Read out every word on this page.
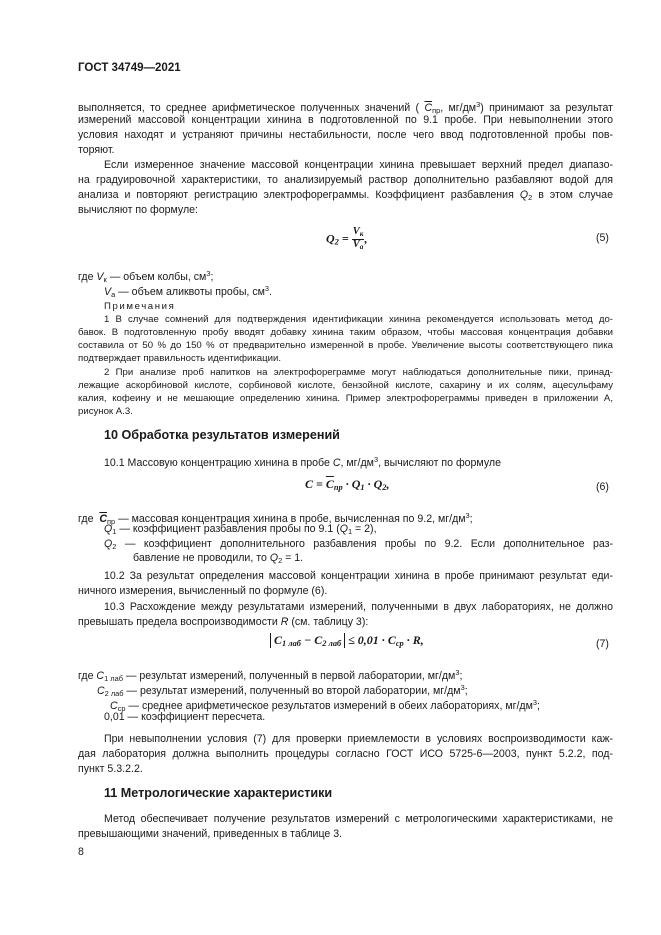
ГОСТ 34749—2021
выполняется, то среднее арифметическое полученных значений ( $\overline{C}_{пр}$, $мг/дм^3$) принимают за результат
измерений массовой концентрации хинина в подготовленной по 9.1 пробе. При невыполнении этого
условия находят и устраняют причины нестабильности, после чего ввод подготовленной пробы пов-
торяют.
Если измеренное значение массовой концентрации хинина превышает верхний предел диапазо-
на градуировочной характеристики, то анализируемый раствор дополнительно разбавляют водой для
анализа и повторяют регистрацию электрофореграммы. Коэффициент разбавления $Q_2$ в этом случае
вычисляют по формуле:
$Q_2 = \frac{V_к}{V_а}$ ,	(5)
где $V_к$ — объем колбы, $см^3$;
$V_а$ — объем аликвоты пробы, $см^3$.
Примечания
1 В случае сомнений для подтверждения идентификации хинина рекомендуется использовать метод до-
бавок. В подготовленную пробу вводят добавку хинина таким образом, чтобы массовая концентрация добавки
составила от 50 % до 150 % от предварительно измеренной в пробе. Увеличение высоты соответствующего пика
подтверждает правильность идентификации.
2 При анализе проб напитков на электрофореграмме могут наблюдаться дополнительные пики, принад-
лежащие аскорбиновой кислоте, сорбиновой кислоте, бензойной кислоте, сахарину и их солям, ацесульфаму
калия, кофеину и не мешающие определению хинина. Пример электрофореграммы приведен в приложении А,
рисунок А.3.
10 Обработка результатов измерений
10.1 Массовую концентрацию хинина в пробе C, $мг/дм^3$, вычисляют по формуле
$C = \overline{C}_{пр} \cdot Q_1 \cdot Q_2$,	(6)
где $\overline{C}_{пр}$ — массовая концентрация хинина в пробе, вычисленная по 9.2, $мг/дм^3$;
$Q_1$ — коэффициент разбавления пробы по 9.1 $(Q_1 = 2)$,
$Q_2$ — коэффициент дополнительного разбавления пробы по 9.2. Если дополнительное раз-
бавление не проводили, то $Q_2 = 1$.
10.2 За результат определения массовой концентрации хинина в пробе принимают результат еди-
ничного измерения, вычисленный по формуле (6).
10.3 Расхождение между результатами измерений, полученными в двух лабораториях, не должно
превышать предела воспроизводимости R (см. таблицу 3):
$C_{1 лаб} - C_{2 лаб} \le 0,01 \cdot C_{ср} \cdot R$,	(7)
где $C_{1 лаб}$ — результат измерений, полученный в первой лаборатории, $мг/дм^3$;
$C_{2 лаб}$ — результат измерений, полученный во второй лаборатории, $мг/дм^3$;
$C_{ср}$ — среднее арифметическое результатов измерений в обеих лабораториях, $мг/дм^3$;
0,01 — коэффициент пересчета.
При невыполнении условия (7) для проверки приемлемости в условиях воспроизводимости каж-
дая лаборатория должна выполнить процедуры согласно ГОСТ ИСО 5725-6—2003, пункт 5.2.2, под-
пункт 5.3.2.2.
11 Метрологические характеристики
Метод обеспечивает получение результатов измерений с метрологическими характеристиками, не
превышающими значений, приведенных в таблице 3.
8
